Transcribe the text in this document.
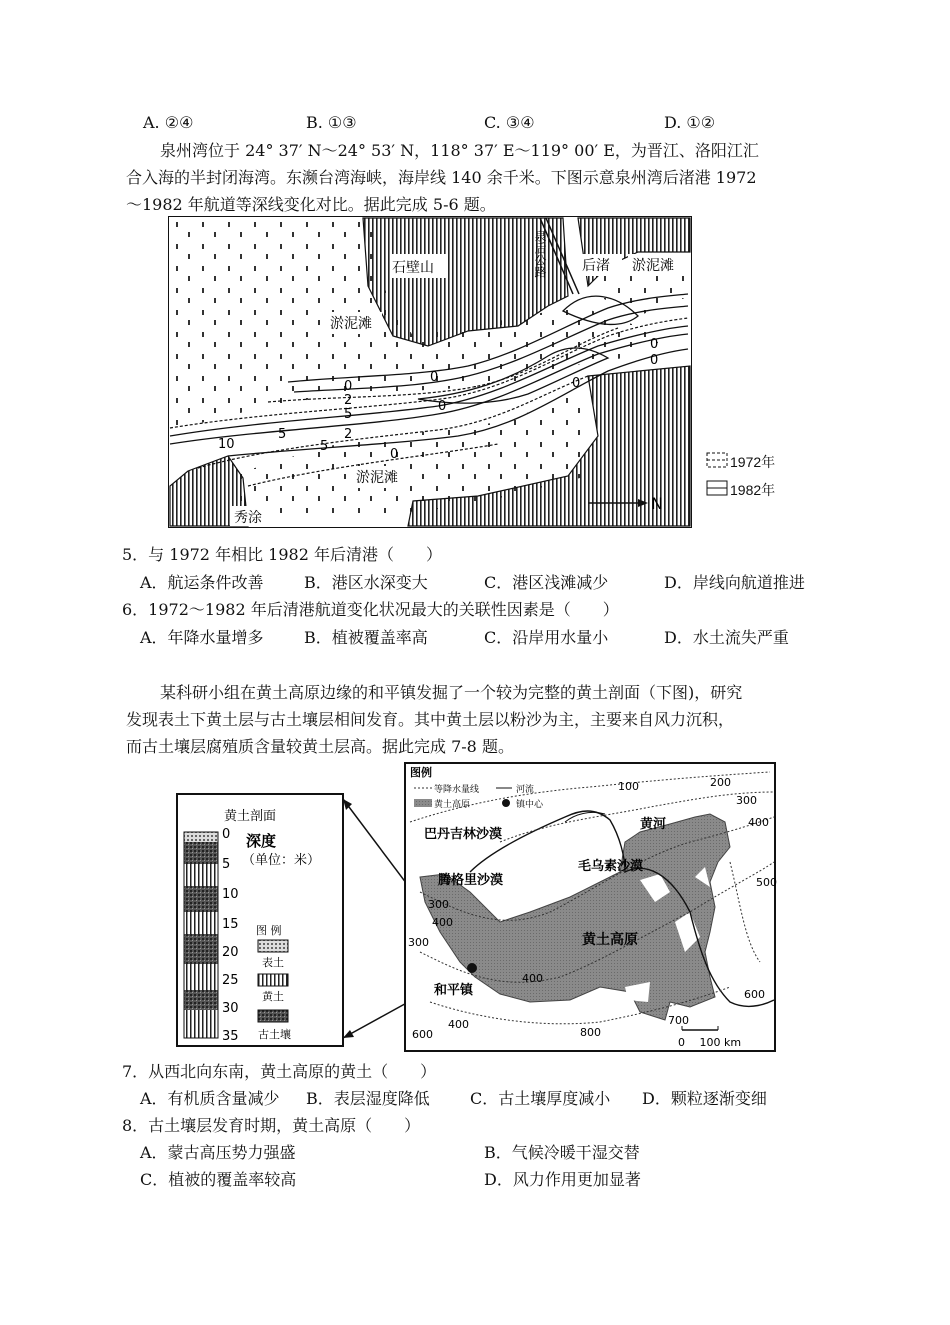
A. ②④	B. ①③	C. ③④	D. ①②
泉州湾位于 24° 37′ N～24° 53′ N，118° 37′ E～119° 00′ E，为晋江、洛阳江汇
合入海的半封闭海湾。东濒台湾海峡，海岸线 140 余千米。下图示意泉州湾后渚港 1972
～1982 年航道等深线变化对比。据此完成 5-6 题。
石壁山
淤泥滩
淤泥滩
淤泥滩
后渚
秀涂
泉后公路
0
0
0
0
0
0
0
2
2
5
5
5
10
N
1972年
1982年
5．与 1972 年相比 1982 年后清港（　　）
A．航运条件改善	B．港区水深变大	C．港区浅滩减少	D．岸线向航道推进
6．1972～1982 年后清港航道变化状况最大的关联性因素是（　　）
A．年降水量增多	B．植被覆盖率高	C．沿岸用水量小	D．水土流失严重
某科研小组在黄土高原边缘的和平镇发掘了一个较为完整的黄土剖面（下图)，研究
发现表土下黄土层与古土壤层相间发育。其中黄土层以粉沙为主，主要来自风力沉积，
而古土壤层腐殖质含量较黄土层高。据此完成 7-8 题。
黄土剖面
0
5
10
15
20
25
30
35
深度
（单位：米）
图 例
表土
黄土
古土壤
图例
等降水量线	河流
黄土高原	镇中心
巴丹吉林沙漠
腾格里沙漠
毛乌素沙漠
黄河
黄土高原
和平镇
100	200
300
400
500
600
300
400
300
400
800
700
600
400
0　 100 km
7．从西北向东南，黄土高原的黄土（　　）
A．有机质含量减少 B．表层湿度降低	C．古土壤厚度减小 D．颗粒逐渐变细
8．古土壤层发育时期，黄土高原（　　）
A．蒙古高压势力强盛	B．气候冷暖干湿交替
C．植被的覆盖率较高	D．风力作用更加显著
